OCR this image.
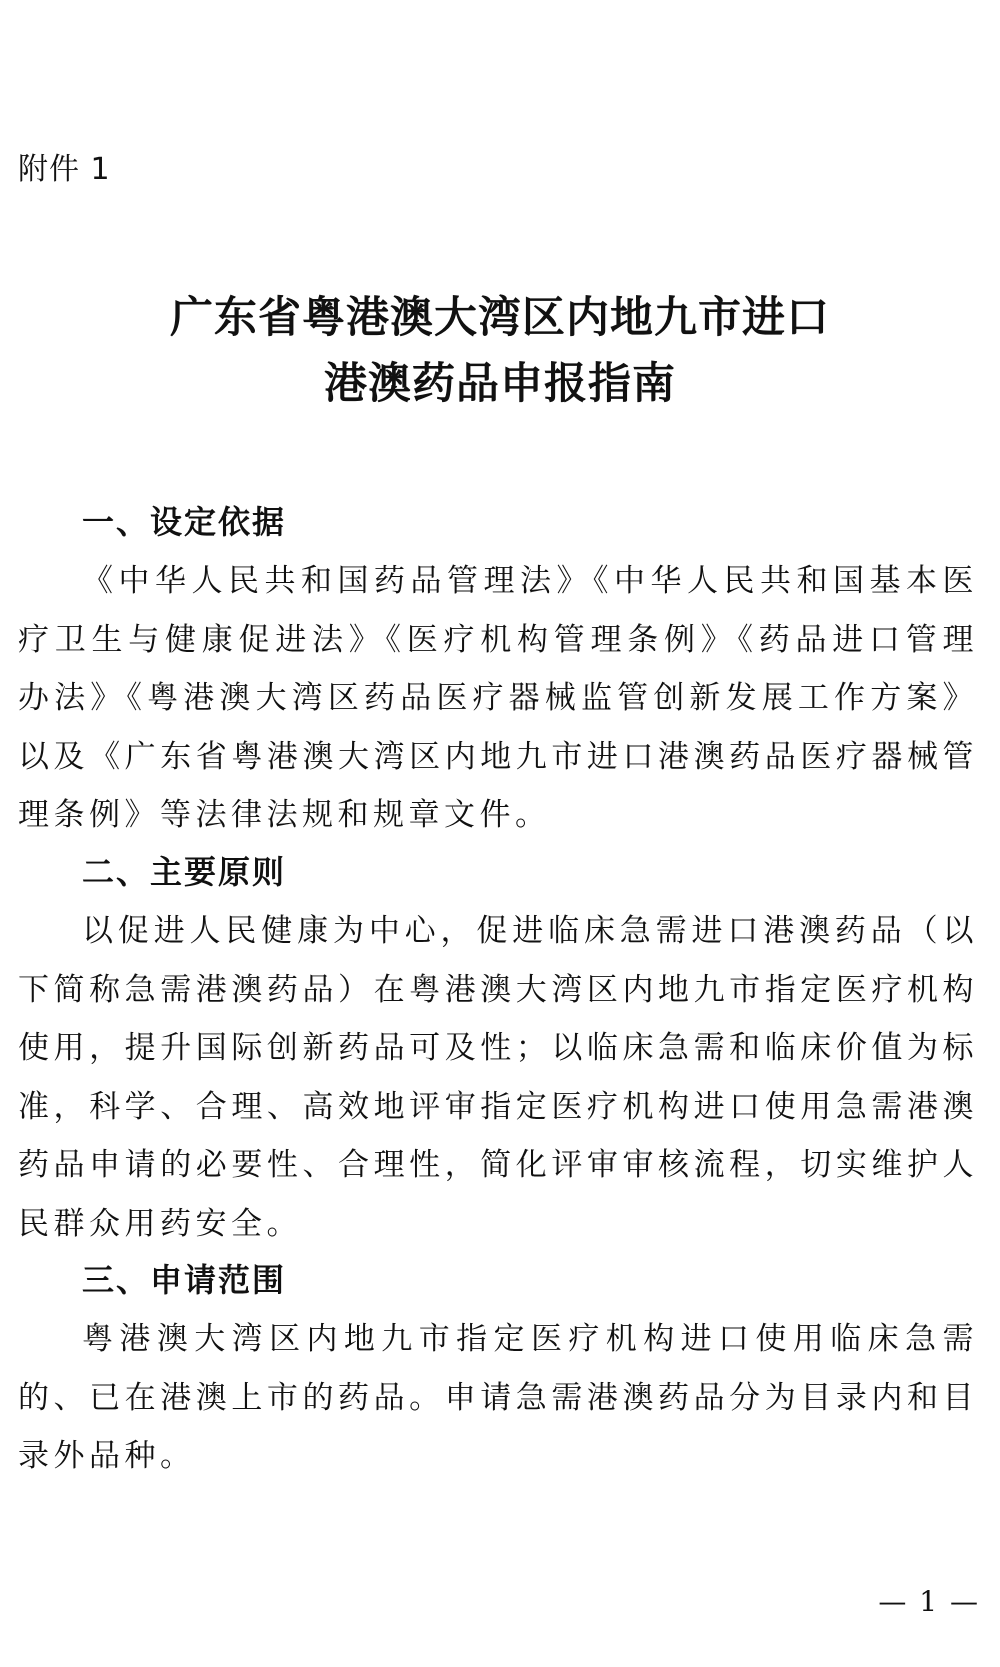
附件 1
广东省粤港澳大湾区内地九市进口
港澳药品申报指南
一、设定依据

《中华人民共和国药品管理法》《中华人民共和国基本医疗卫生与健康促进法》《医疗机构管理条例》《药品进口管理办法》《粤港澳大湾区药品医疗器械监管创新发展工作方案》以及《广东省粤港澳大湾区内地九市进口港澳药品医疗器械管理条例》等法律法规和规章文件。

二、主要原则

以促进人民健康为中心，促进临床急需进口港澳药品（以下简称急需港澳药品）在粤港澳大湾区内地九市指定医疗机构使用，提升国际创新药品可及性；以临床急需和临床价值为标准，科学、合理、高效地评审指定医疗机构进口使用急需港澳药品申请的必要性、合理性，简化评审审核流程，切实维护人民群众用药安全。

三、申请范围

粤港澳大湾区内地九市指定医疗机构进口使用临床急需的、已在港澳上市的药品。申请急需港澳药品分为目录内和目录外品种。

— 1 —
